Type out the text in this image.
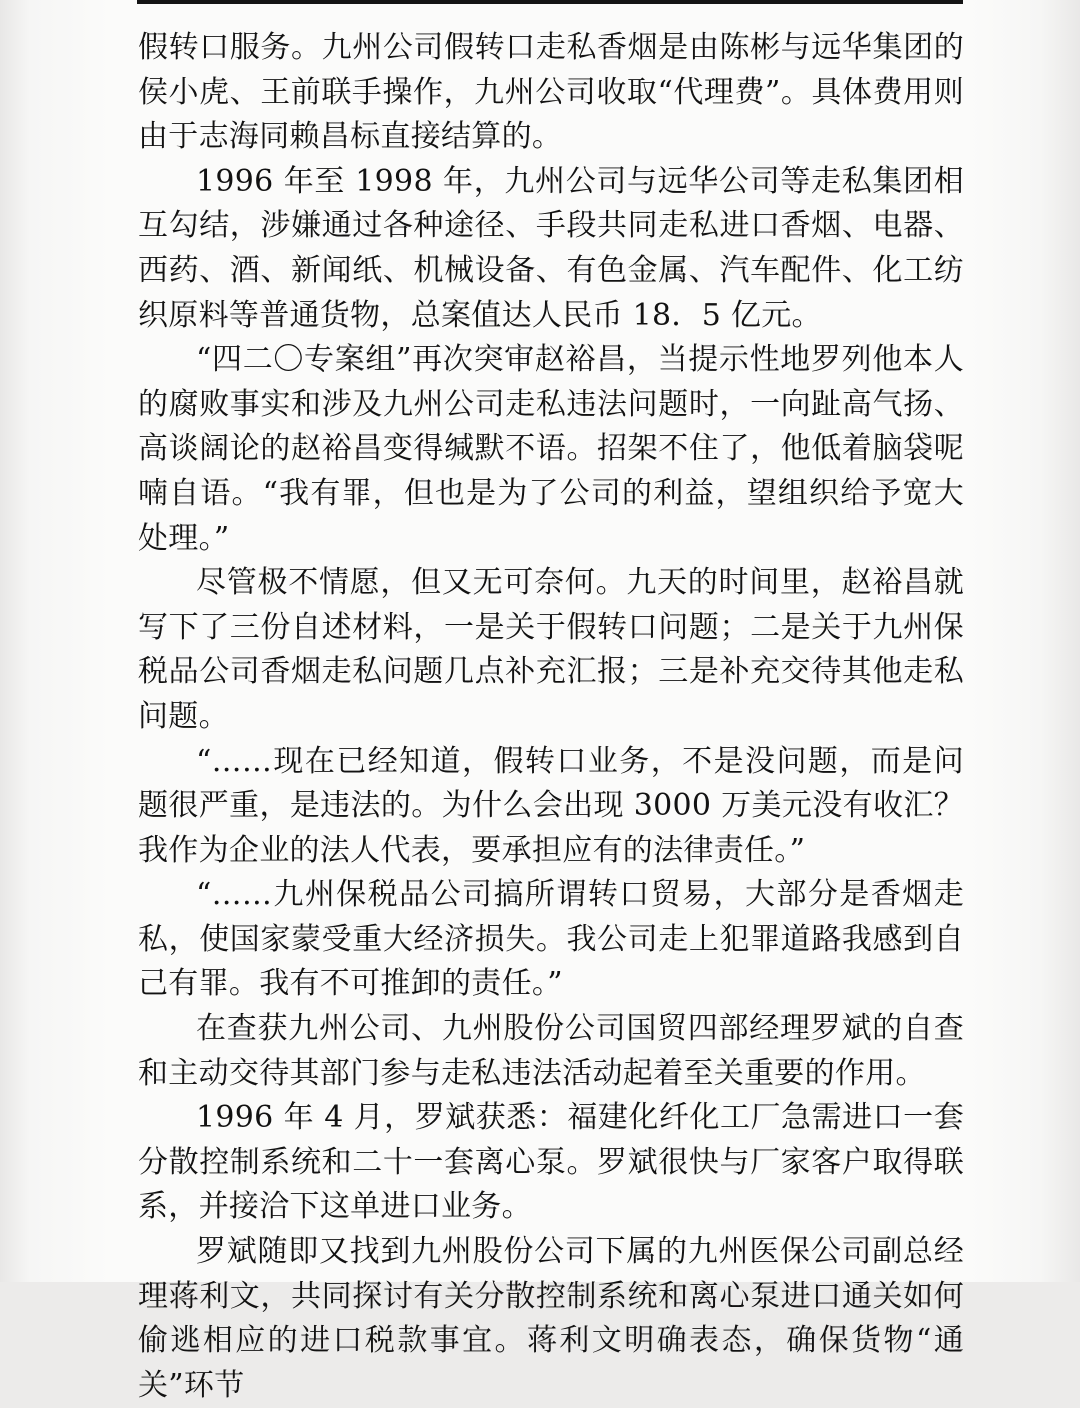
假转口服务。九州公司假转口走私香烟是由陈彬与远华集团的侯小虎、王前联手操作，九州公司收取“代理费”。具体费用则由于志海同赖昌标直接结算的。

1996 年至 1998 年，九州公司与远华公司等走私集团相互勾结，涉嫌通过各种途径、手段共同走私进口香烟、电器、西药、酒、新闻纸、机械设备、有色金属、汽车配件、化工纺织原料等普通货物，总案值达人民币 18．5 亿元。

“四二〇专案组”再次突审赵裕昌，当提示性地罗列他本人的腐败事实和涉及九州公司走私违法问题时，一向趾高气扬、高谈阔论的赵裕昌变得缄默不语。招架不住了，他低着脑袋呢喃自语。“我有罪，但也是为了公司的利益，望组织给予宽大处理。”

尽管极不情愿，但又无可奈何。九天的时间里，赵裕昌就写下了三份自述材料，一是关于假转口问题；二是关于九州保税品公司香烟走私问题几点补充汇报；三是补充交待其他走私问题。

“……现在已经知道，假转口业务，不是没问题，而是问题很严重，是违法的。为什么会出现 3000 万美元没有收汇？我作为企业的法人代表，要承担应有的法律责任。”

“……九州保税品公司搞所谓转口贸易，大部分是香烟走私，使国家蒙受重大经济损失。我公司走上犯罪道路我感到自己有罪。我有不可推卸的责任。”

在查获九州公司、九州股份公司国贸四部经理罗斌的自查和主动交待其部门参与走私违法活动起着至关重要的作用。

1996 年 4 月，罗斌获悉：福建化纤化工厂急需进口一套分散控制系统和二十一套离心泵。罗斌很快与厂家客户取得联系，并接洽下这单进口业务。

罗斌随即又找到九州股份公司下属的九州医保公司副总经理蒋利文，共同探讨有关分散控制系统和离心泵进口通关如何偷逃相应的进口税款事宜。蒋利文明确表态，确保货物“通关”环节
